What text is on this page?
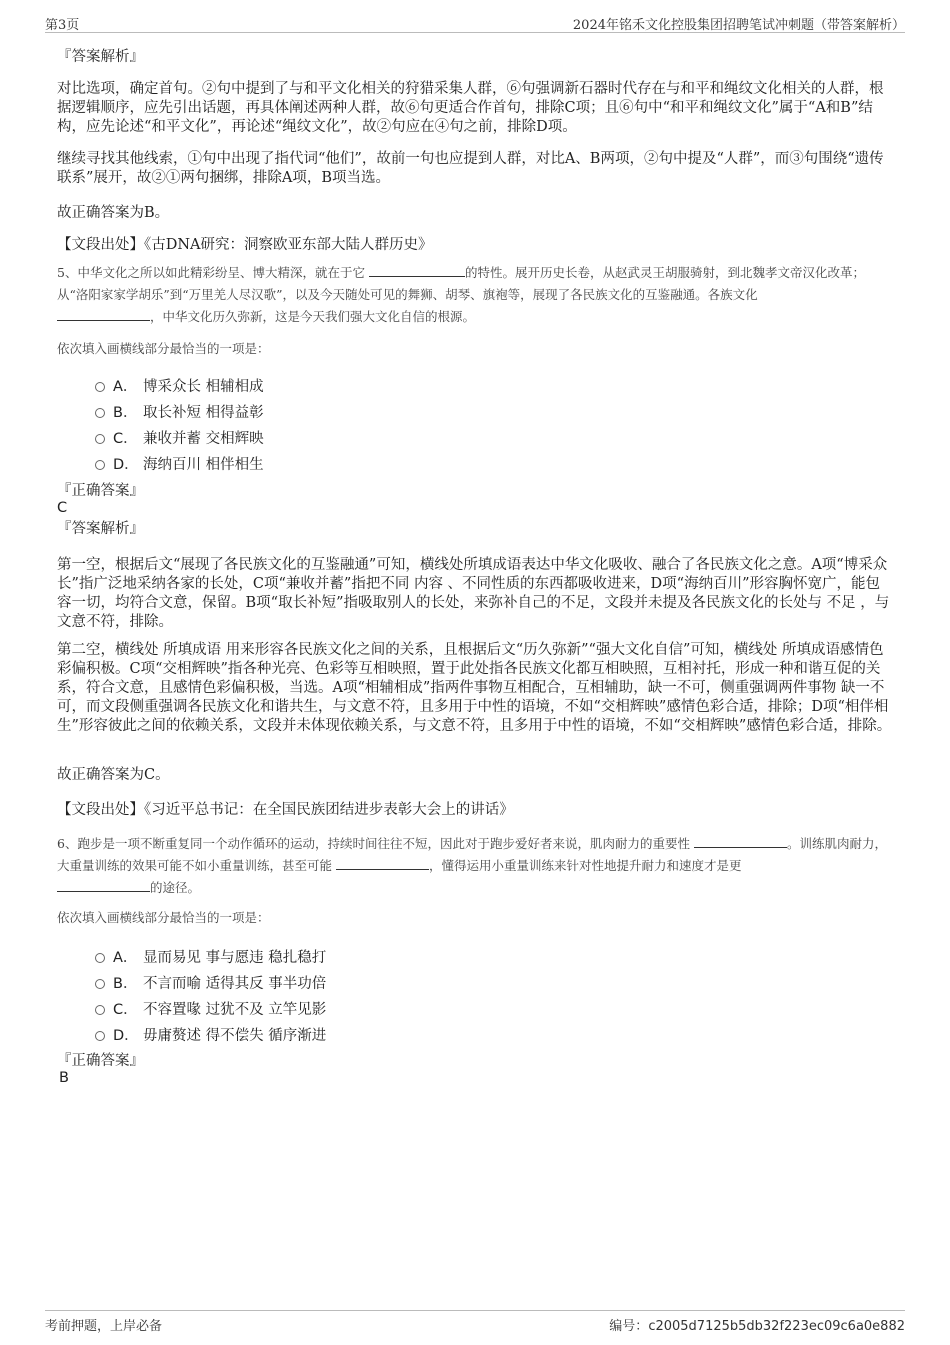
第3页	2024年铭禾文化控股集团招聘笔试冲刺题（带答案解析）
『答案解析』

对比选项，确定首句。②句中提到了与和平文化相关的狩猎采集人群，⑥句强调新石器时代存在与和平和绳纹文化相关的人群，根据逻辑顺序，应先引出话题，再具体阐述两种人群，故⑥句更适合作首句，排除C项；且⑥句中“和平和绳纹文化”属于“A和B”结构，应先论述“和平文化”，再论述“绳纹文化”，故②句应在④句之前，排除D项。

继续寻找其他线索，①句中出现了指代词“他们”，故前一句也应提到人群，对比A、B两项，②句中提及“人群”，而③句围绕“遗传联系”展开，故②①两句捆绑，排除A项，B项当选。

故正确答案为B。

【文段出处】《古DNA研究：洞察欧亚东部大陆人群历史》

5、中华文化之所以如此精彩纷呈、博大精深，就在于它	的特性。展开历史长卷，从赵武灵王胡服骑射，到北魏孝文帝汉化改革；从“洛阳家家学胡乐”到“万里羌人尽汉歌”，以及今天随处可见的舞狮、胡琴、旗袍等，展现了各民族文化的互鉴融通。各族文化
，中华文化历久弥新，这是今天我们强大文化自信的根源。

依次填入画横线部分最恰当的一项是：

A． 博采众长 相辅相成
B． 取长补短 相得益彰
C． 兼收并蓄 交相辉映
D． 海纳百川 相伴相生
『正确答案』
C
『答案解析』

第一空，根据后文“展现了各民族文化的互鉴融通”可知，横线处所填成语表达中华文化吸收、融合了各民族文化之意。A项“博采众长”指广泛地采纳各家的长处，C项“兼收并蓄”指把不同 内容 、不同性质的东西都吸收进来，D项“海纳百川”形容胸怀宽广，能包容一切，均符合文意，保留。B项“取长补短”指吸取别人的长处，来弥补自己的不足，文段并未提及各民族文化的长处与 不足 ，与文意不符，排除。

第二空，横线处 所填成语 用来形容各民族文化之间的关系，且根据后文“历久弥新”“强大文化自信”可知，横线处 所填成语感情色彩偏积极。C项“交相辉映”指各种光亮、色彩等互相映照，置于此处指各民族文化都互相映照，互相衬托，形成一种和谐互促的关系，符合文意，且感情色彩偏积极，当选。A项“相辅相成”指两件事物互相配合，互相辅助，缺一不可，侧重强调两件事物 缺一不可，而文段侧重强调各民族文化和谐共生，与文意不符，且多用于中性的语境，不如“交相辉映”感情色彩合适，排除；D项“相伴相生”形容彼此之间的依赖关系，文段并未体现依赖关系，与文意不符，且多用于中性的语境，不如“交相辉映”感情色彩合适，排除。

故正确答案为C。

【文段出处】《习近平总书记：在全国民族团结进步表彰大会上的讲话》

6、跑步是一项不断重复同一个动作循环的运动，持续时间往往不短，因此对于跑步爱好者来说，肌肉耐力的重要性	。训练肌肉耐力，大重量训练的效果可能不如小重量训练，甚至可能	，懂得运用小重量训练来针对性地提升耐力和速度才是更
的途径。

依次填入画横线部分最恰当的一项是：

A． 显而易见 事与愿违 稳扎稳打
B． 不言而喻 适得其反 事半功倍
C． 不容置喙 过犹不及 立竿见影
D． 毋庸赘述 得不偿失 循序渐进
『正确答案』
B
考前押题，上岸必备	编号：c2005d7125b5db32f223ec09c6a0e882
